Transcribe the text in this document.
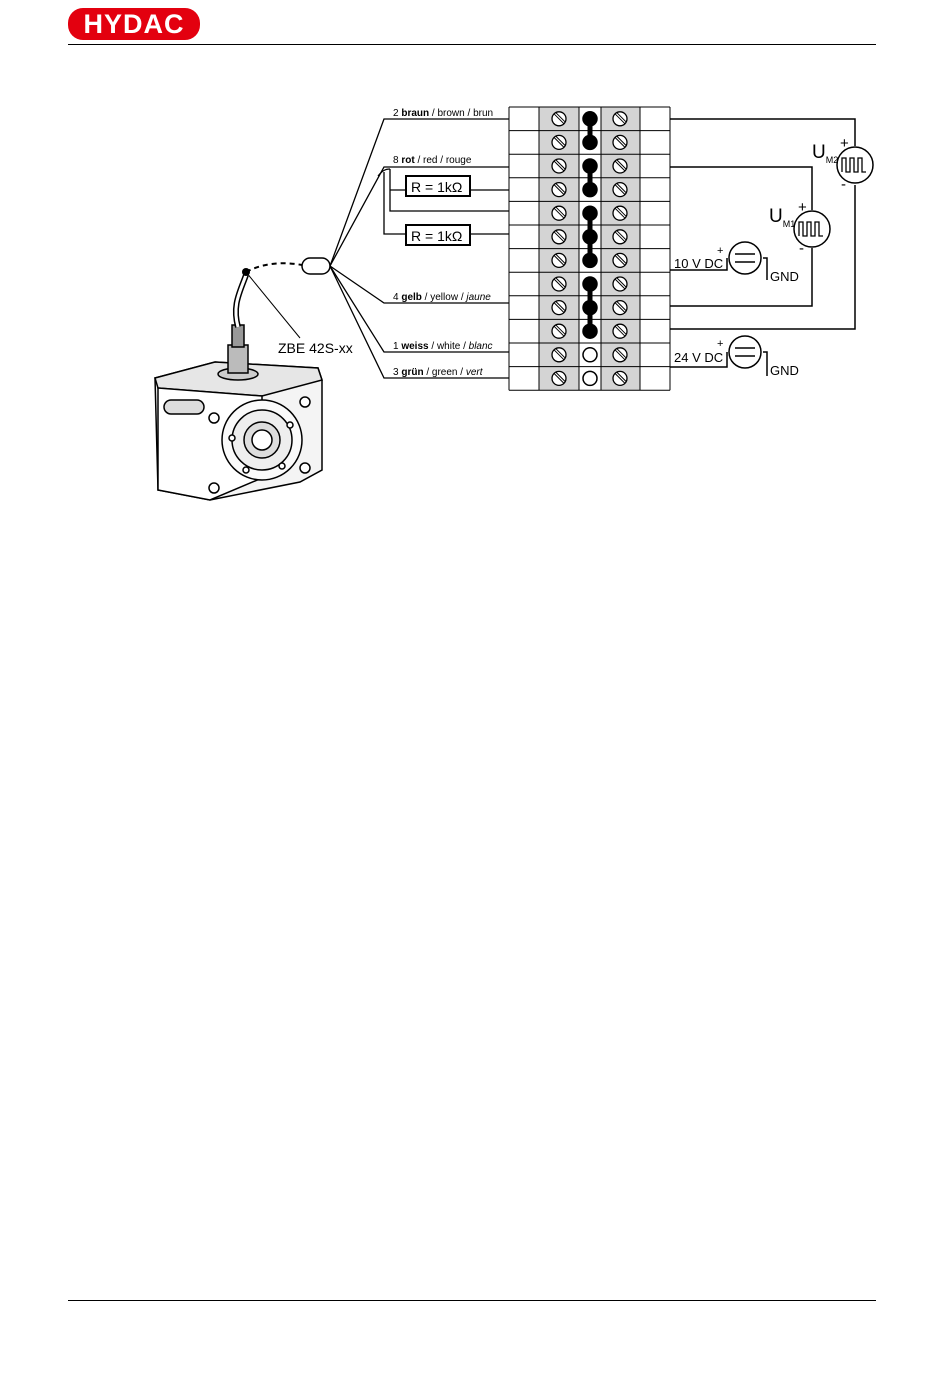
HYDAC
ZBE 42S-xx
R = 1kΩ
R = 1kΩ
2 braun / brown / brun
8 rot / red / rouge
4 gelb / yellow / jaune
1 weiss / white / blanc
3 grün / green / vert
$U_{M2}$
+
-
$U_{M1}$
+
-
+
10 V DC
GND
+
24 V DC
GND
